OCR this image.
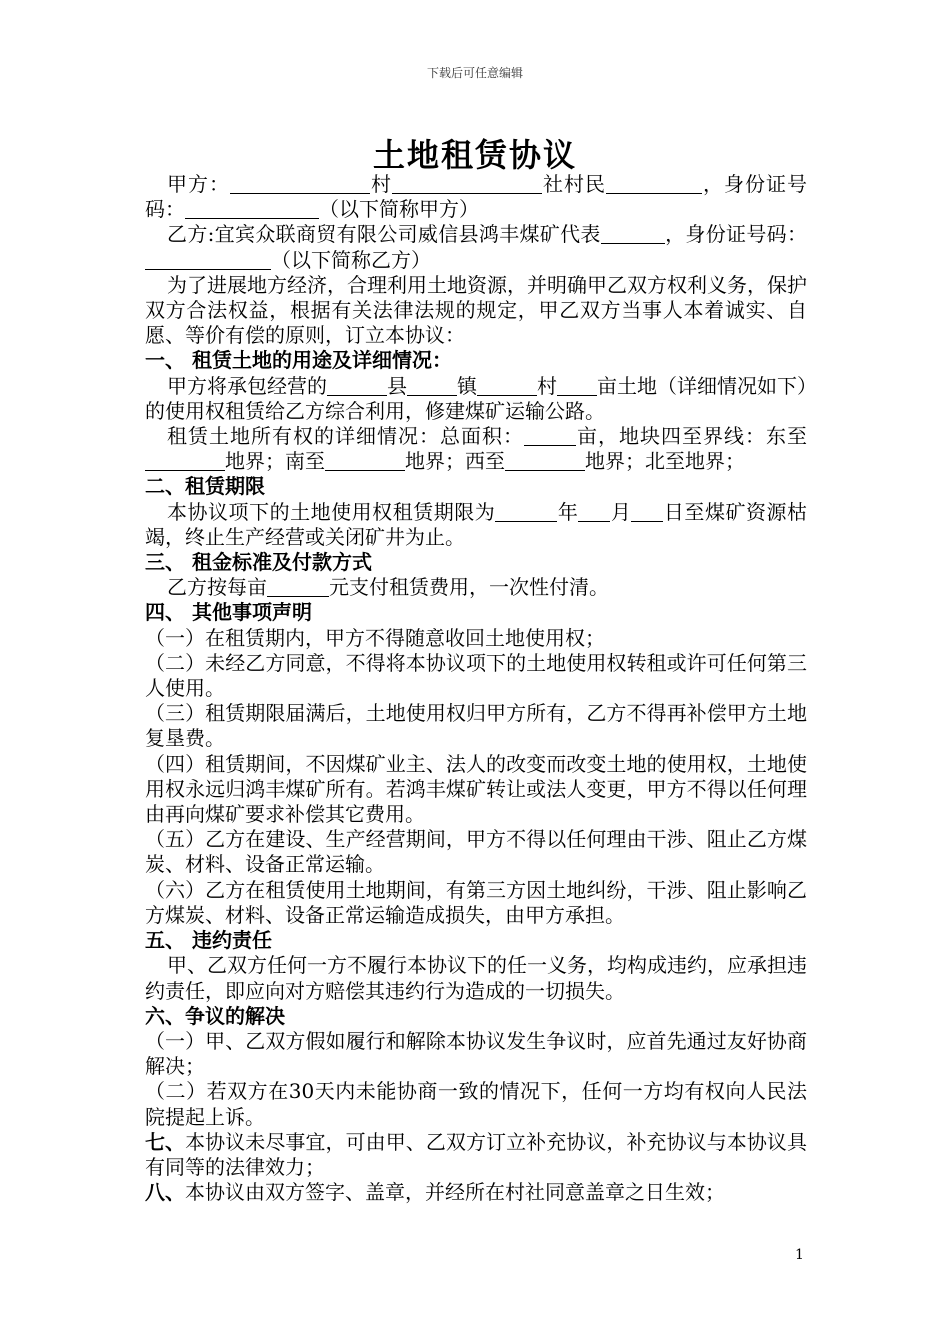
下载后可任意编辑
土地租赁协议

甲方：	村	社村民	，身份证号码：	（以下简称甲方）

乙方:宜宾众联商贸有限公司威信县鸿丰煤矿代表	，身份证号码：（以下简称乙方）

为了进展地方经济，合理利用土地资源，并明确甲乙双方权利义务，保护双方合法权益，根据有关法律法规的规定，甲乙双方当事人本着诚实、自愿、等价有偿的原则，订立本协议：

一、 租赁土地的用途及详细情况：

甲方将承包经营的	县	镇	村 亩土地（详细情况如下）的使用权租赁给乙方综合利用，修建煤矿运输公路。

租赁土地所有权的详细情况：总面积：	亩，地块四至界线：东至地界；南至	地界；西至	地界；北至地界；

二、租赁期限

本协议项下的土地使用权租赁期限为	年 月 日至煤矿资源枯竭，终止生产经营或关闭矿井为止。

三、 租金标准及付款方式

乙方按每亩	元支付租赁费用，一次性付清。

四、 其他事项声明

（一）在租赁期内，甲方不得随意收回土地使用权；

（二）未经乙方同意，不得将本协议项下的土地使用权转租或许可任何第三人使用。

（三）租赁期限届满后，土地使用权归甲方所有，乙方不得再补偿甲方土地复垦费。

（四）租赁期间，不因煤矿业主、法人的改变而改变土地的使用权，土地使用权永远归鸿丰煤矿所有。若鸿丰煤矿转让或法人变更，甲方不得以任何理由再向煤矿要求补偿其它费用。

（五）乙方在建设、生产经营期间，甲方不得以任何理由干涉、阻止乙方煤炭、材料、设备正常运输。

（六）乙方在租赁使用土地期间，有第三方因土地纠纷，干涉、阻止影响乙方煤炭、材料、设备正常运输造成损失，由甲方承担。

五、 违约责任

甲、乙双方任何一方不履行本协议下的任一义务，均构成违约，应承担违约责任，即应向对方赔偿其违约行为造成的一切损失。

六、争议的解决

（一）甲、乙双方假如履行和解除本协议发生争议时，应首先通过友好协商解决；

（二）若双方在30天内未能协商一致的情况下，任何一方均有权向人民法院提起上诉。

七、本协议未尽事宜，可由甲、乙双方订立补充协议，补充协议与本协议具有同等的法律效力；

八、本协议由双方签字、盖章，并经所在村社同意盖章之日生效；

1
